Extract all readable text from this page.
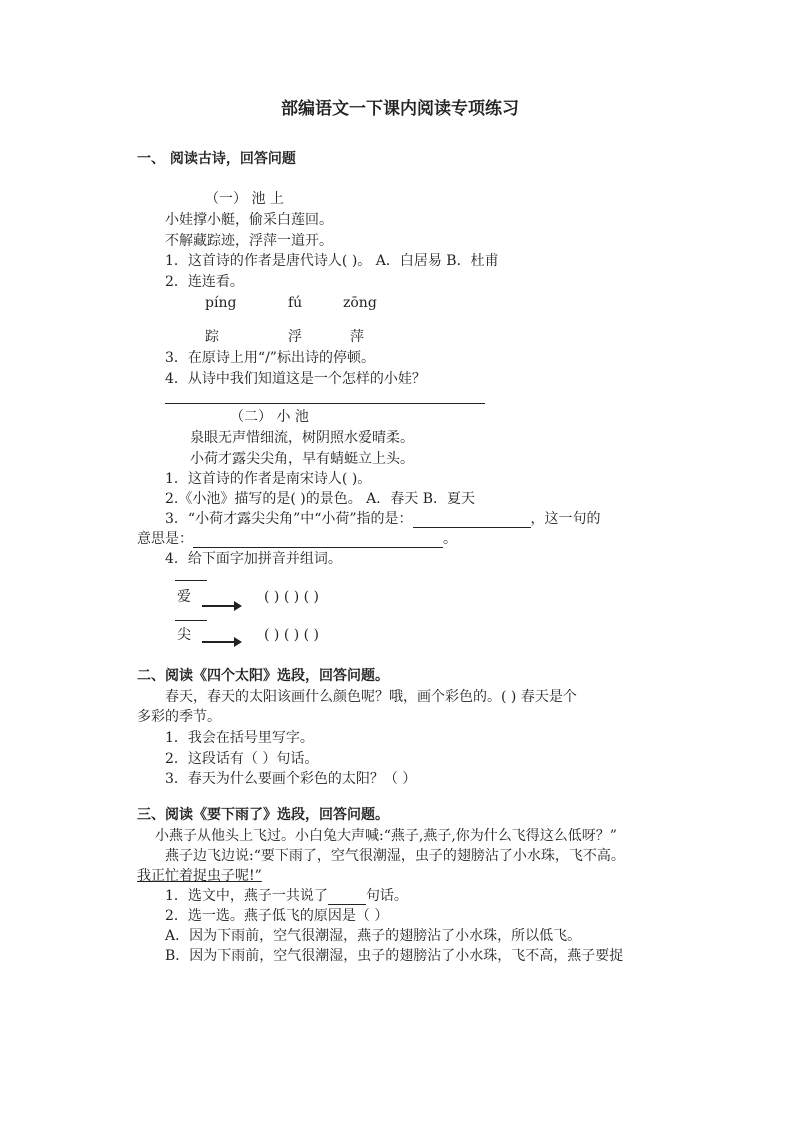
部编语文一下课内阅读专项练习
一、 阅读古诗，回答问题
（一） 池 上
小娃撑小艇，偷采白莲回。
不解藏踪迹，浮萍一道开。
1．这首诗的作者是唐代诗人( )。 A．白居易 B．杜甫
2．连连看。
píng	fú	zōng
踪	浮	萍
3．在原诗上用“/”标出诗的停顿。
4．从诗中我们知道这是一个怎样的小娃？
（二） 小 池
泉眼无声惜细流，树阴照水爱晴柔。
小荷才露尖尖角，早有蜻蜓立上头。
1．这首诗的作者是南宋诗人( )。
2.《小池》描写的是( )的景色。 A．春天 B．夏天
3．“小荷才露尖尖角”中“小荷”指的是：	，这一句的
意思是：	。
4．给下面字加拼音并组词。
爱	( ) ( ) ( )
尖	( ) ( ) ( )
二、阅读《四个太阳》选段，回答问题。
春天，春天的太阳该画什么颜色呢？哦，画个彩色的。( ) 春天是个
多彩的季节。
1．我会在括号里写字。
2．这段话有（ ）句话。
3．春天为什么要画个彩色的太阳？（ ）
三、阅读《要下雨了》选段，回答问题。
小燕子从他头上飞过。小白兔大声喊:“燕子,燕子,你为什么飞得这么低呀？”
燕子边飞边说:“要下雨了，空气很潮湿，虫子的翅膀沾了小水珠，飞不高。
我正忙着捉虫子呢!”
1．选文中，燕子一共说了	句话。
2．选一选。燕子低飞的原因是（ ）
A．因为下雨前，空气很潮湿，燕子的翅膀沾了小水珠，所以低飞。
B．因为下雨前，空气很潮湿，虫子的翅膀沾了小水珠，飞不高，燕子要捉
